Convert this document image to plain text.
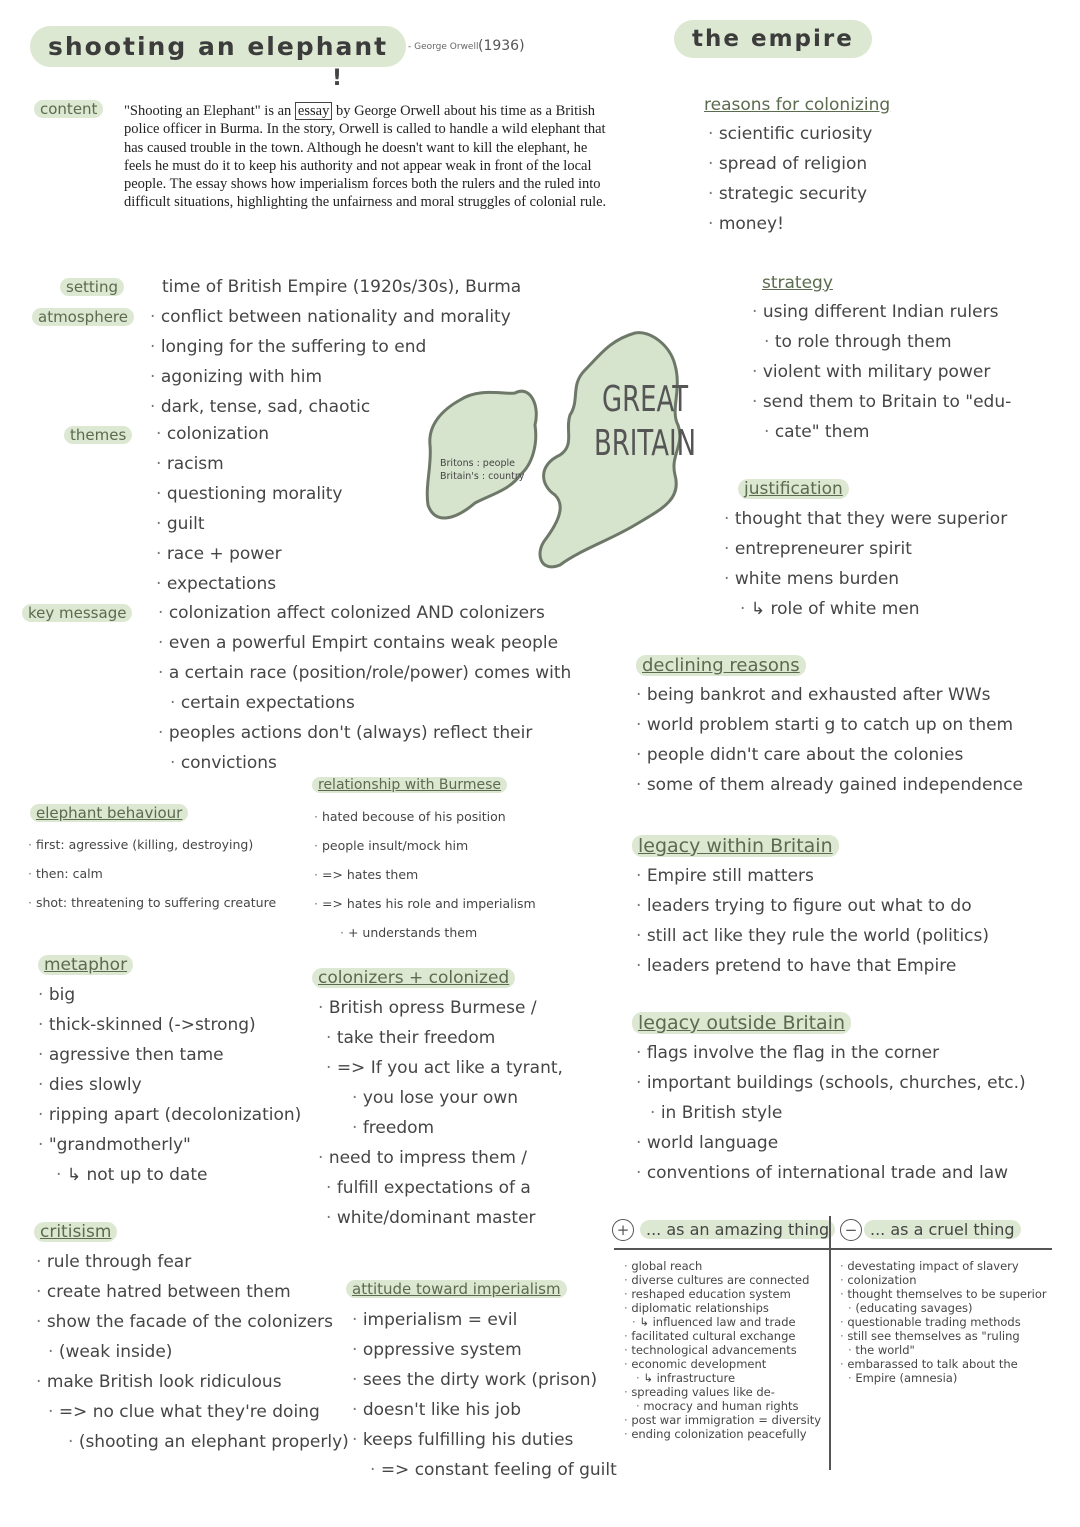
shooting an elephant	- George Orwell (1936)
!
content	"Shooting an Elephant" is an essay by George Orwell about his time as a British police officer in Burma. In the story, Orwell is called to handle a wild elephant that has caused trouble in the town. Although he doesn't want to kill the elephant, he feels he must do it to keep his authority and not appear weak in front of the local people. The essay shows how imperialism forces both the rulers and the ruled into difficult situations, highlighting the unfairness and moral struggles of colonial rule.
setting	time of British Empire (1920s/30s), Burma
atmosphere	· conflict between nationality and morality
· longing for the suffering to end
· agonizing with him
· dark, tense, sad, chaotic
themes	· colonization
· racism
· questioning morality
· guilt
· race + power
· expectations
key message	· colonization affect colonized AND colonizers
· even a powerful Empirt contains weak people
· a certain race (position/role/power) comes with
· certain expectations
· peoples actions don't (always) reflect their
· convictions
GREAT
BRITAIN
Britons : people
Britain's : country
elephant behaviour
· first: agressive (killing, destroying)
· then: calm
· shot: threatening to suffering creature
relationship with Burmese
· hated becouse of his position
· people insult/mock him
· => hates them
· => hates his role and imperialism
· + understands them
metaphor
· big
· thick-skinned (->strong)
· agressive then tame
· dies slowly
· ripping apart (decolonization)
· "grandmotherly"
· ↳ not up to date
colonizers + colonized
· British opress Burmese /
· take their freedom
· => If you act like a tyrant,
· you lose your own
· freedom
· need to impress them /
· fulfill expectations of a
· white/dominant master
critisism
· rule through fear
· create hatred between them
· show the facade of the colonizers
· (weak inside)
· make British look ridiculous
· => no clue what they're doing
· (shooting an elephant properly)
attitude toward imperialism
· imperialism = evil
· oppressive system
· sees the dirty work (prison)
· doesn't like his job
· keeps fulfilling his duties
· => constant feeling of guilt
the empire
reasons for colonizing
· scientific curiosity
· spread of religion
· strategic security
· money!
strategy
· using different Indian rulers
· to role through them
· violent with military power
· send them to Britain to "edu-
· cate" them
justification
· thought that they were superior
· entrepreneurer spirit
· white mens burden
· ↳ role of white men
declining reasons
· being bankrot and exhausted after WWs
· world problem starti g to catch up on them
· people didn't care about the colonies
· some of them already gained independence
legacy within Britain
· Empire still matters
· leaders trying to figure out what to do
· still act like they rule the world (politics)
· leaders pretend to have that Empire
legacy outside Britain
· flags involve the flag in the corner
· important buildings (schools, churches, etc.)
· in British style
· world language
· conventions of international trade and law
+	... as an amazing thing	− ... as a cruel thing
· global reach
· diverse cultures are connected
· reshaped education system
· diplomatic relationships
· ↳ influenced law and trade
· facilitated cultural exchange
· technological advancements
· economic development
· ↳ infrastructure
· spreading values like de-
· mocracy and human rights
· post war immigration = diversity
· ending colonization peacefully
· devestating impact of slavery
· colonization
· thought themselves to be superior
· (educating savages)
· questionable trading methods
· still see themselves as "ruling
· the world"
· embarassed to talk about the
· Empire (amnesia)
